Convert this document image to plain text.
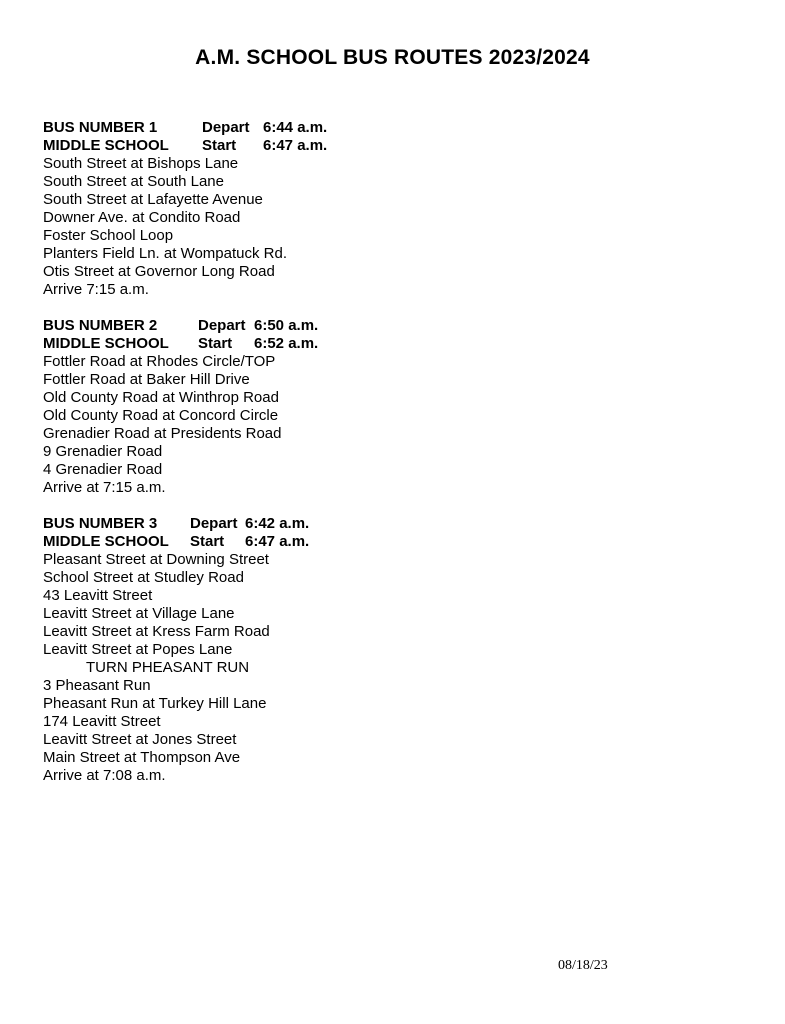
A.M. SCHOOL BUS ROUTES 2023/2024
BUS NUMBER 1	Depart 6:44 a.m.
MIDDLE SCHOOL	Start	6:47 a.m.
South Street at Bishops Lane
South Street at South Lane
South Street at Lafayette Avenue
Downer Ave. at Condito Road
Foster School Loop
Planters Field Ln. at Wompatuck Rd.
Otis Street at Governor Long Road
Arrive 7:15 a.m.
BUS NUMBER 2	Depart 6:50 a.m.
MIDDLE SCHOOL	Start	6:52 a.m.
Fottler Road at Rhodes Circle/TOP
Fottler Road at Baker Hill Drive
Old County Road at Winthrop Road
Old County Road at Concord Circle
Grenadier Road at Presidents Road
9 Grenadier Road
4 Grenadier Road
Arrive at 7:15 a.m.
BUS NUMBER 3	Depart 6:42 a.m.
MIDDLE SCHOOL	Start	6:47 a.m.
Pleasant Street at Downing Street
School Street at Studley Road
43 Leavitt Street
Leavitt Street at Village Lane
Leavitt Street at Kress Farm Road
Leavitt Street at Popes Lane
TURN PHEASANT RUN
3 Pheasant Run
Pheasant Run at Turkey Hill Lane
174 Leavitt Street
Leavitt Street at Jones Street
Main Street at Thompson Ave
Arrive at 7:08 a.m.
08/18/23
